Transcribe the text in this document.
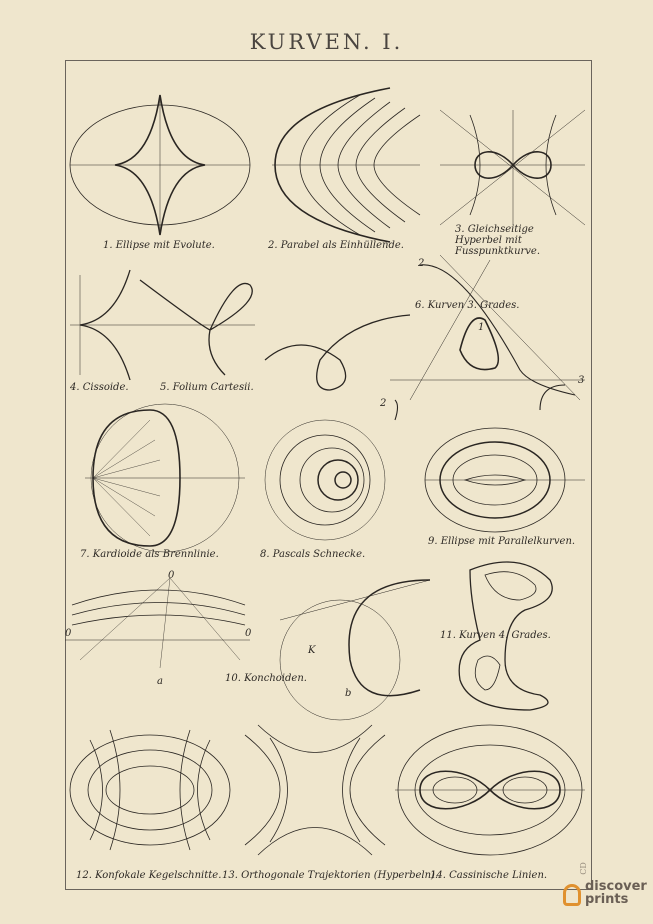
KURVEN. I.
1. Ellipse mit Evolute.	2. Parabel als Einhüllende.
3. Gleichseitige Hyperbel mit Fusspunktkurve.
6. Kurven 3. Grades.
4. Cissoide.	5. Folium Cartesii.
7. Kardioide als Brennlinie.	8. Pascals Schnecke.
9. Ellipse mit Parallelkurven.
10. Konchoiden.
11. Kurven 4. Grades.
12. Konfokale Kegelschnitte. 13. Orthogonale Trajektorien (Hyperbeln).
14. Cassinische Linien.
2
2
1
3
0
0	0
a
K
b
CD
discover
prints
